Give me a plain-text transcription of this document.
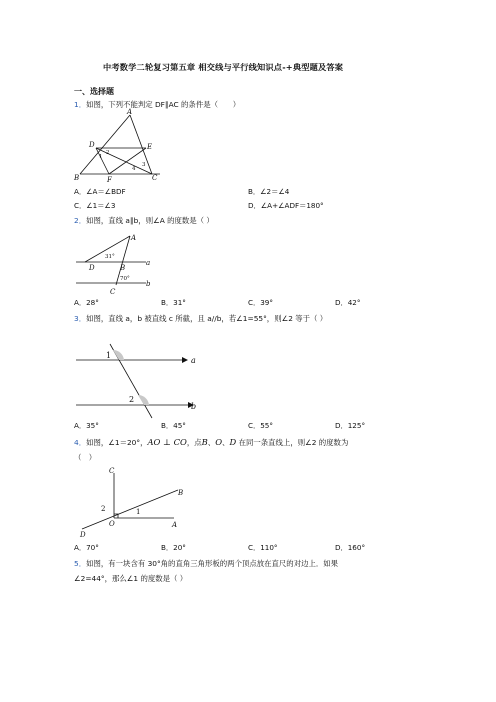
中考数学二轮复习第五章 相交线与平行线知识点-+典型题及答案
一、选择题
1．如图，下列不能判定 DF∥AC 的条件是（　　）
A
B	C
D	E
F
1
2
3
4
A．∠A＝∠BDF	B．∠2＝∠4
C．∠1＝∠3	D．∠A+∠ADF＝180°
2．如图，直线 a∥b，则∠A 的度数是（ ）
A
B
C
D
a
b
31°
70°
A．28°	B．31°	C．39°	D．42°
3．如图，直线 a，b 被直线 c 所截，且 a//b，若∠1=55°，则∠2 等于（ ）
1
2
a
b
A．35°	B．45°	C．55°	D．125°
4．如图，∠1＝20°，AO ⊥ CO，点B、O、D 在同一条直线上，则∠2 的度数为
（　）
C
B
A
O
D
2	1
A．70°	B．20°	C．110°	D．160°
5．如图，有一块含有 30°角的直角三角形板的两个顶点放在直尺的对边上．如果
∠2=44°，那么∠1 的度数是（ ）
